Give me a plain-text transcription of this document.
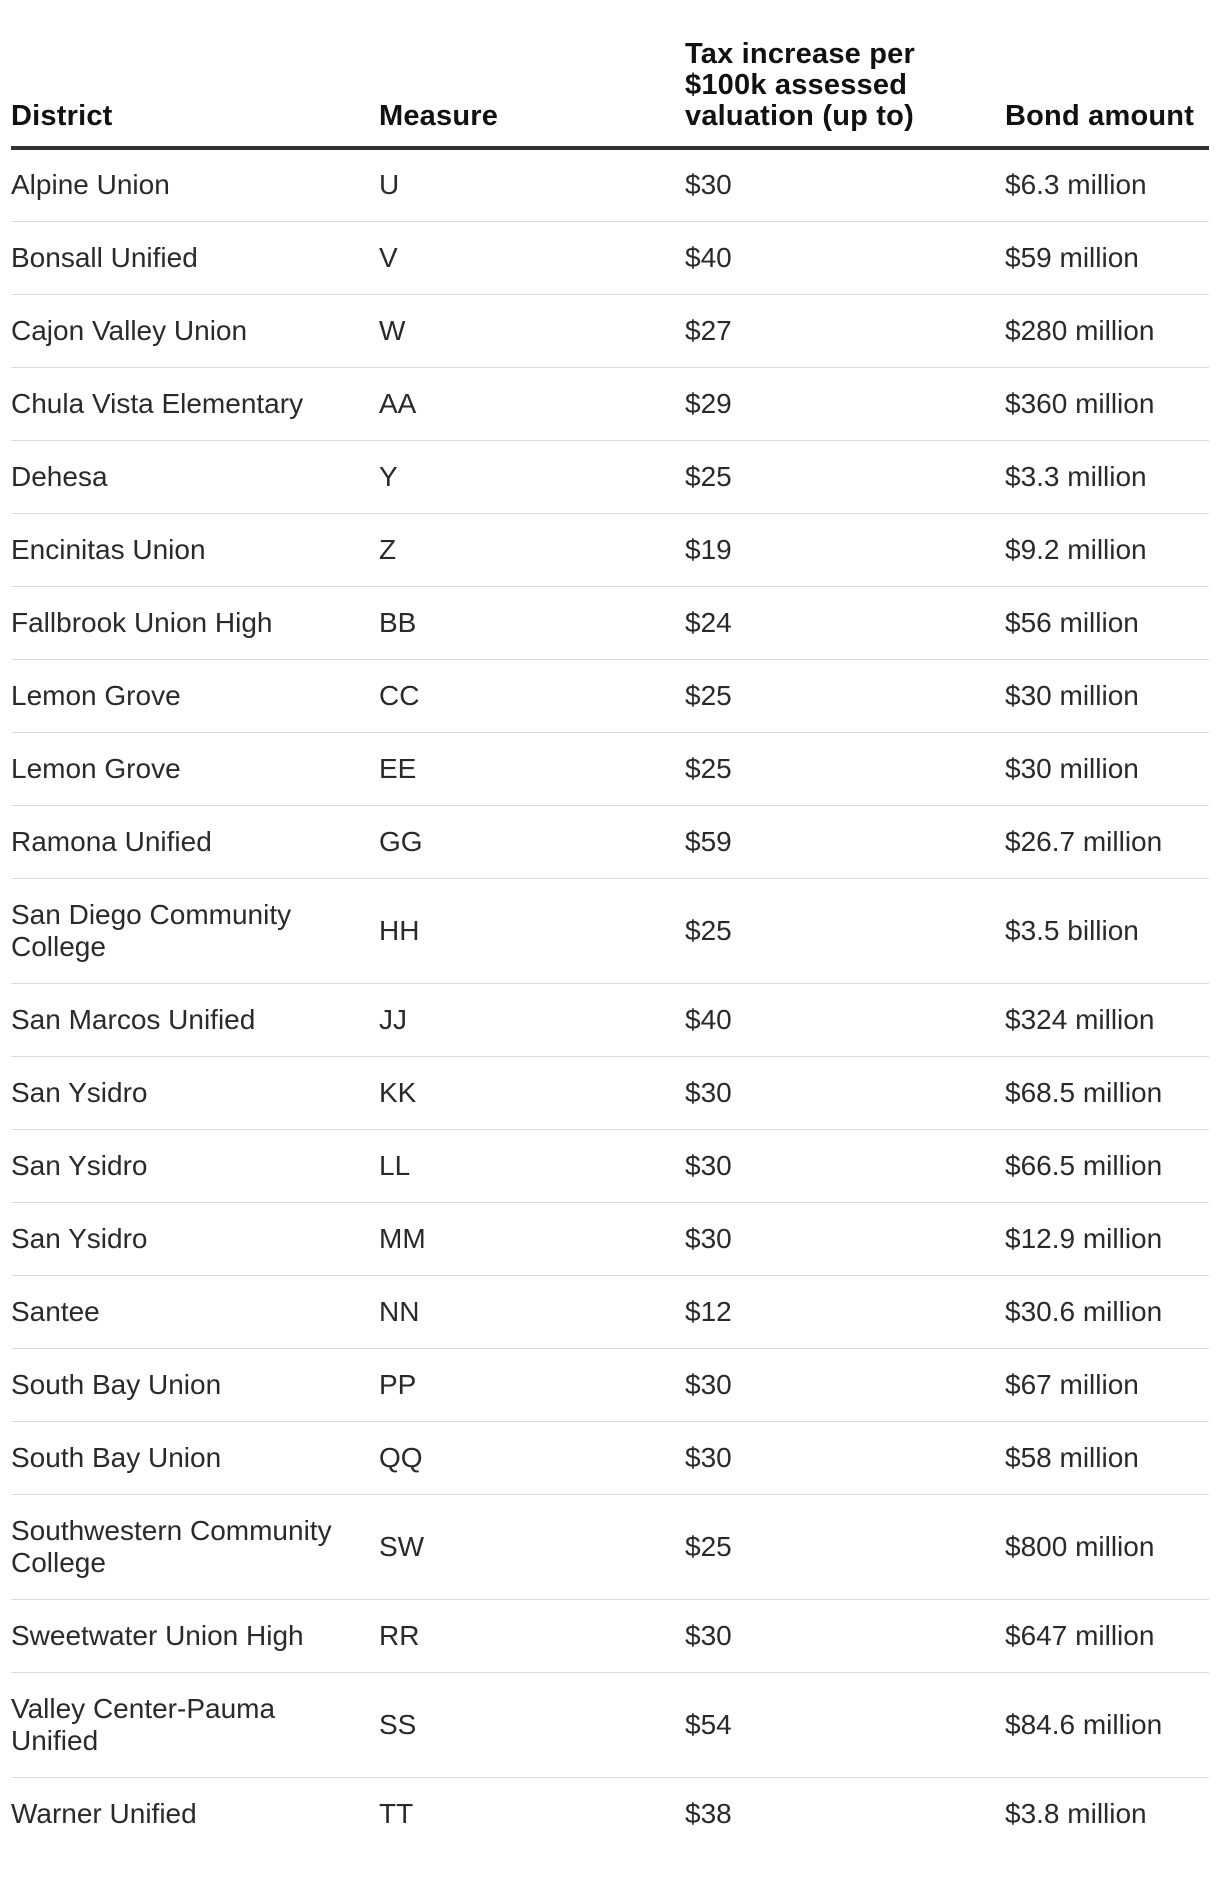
District	Measure	Tax increase per $100k assessed valuation (up to)	Bond amount
Alpine Union	U	$30	$6.3 million
Bonsall Unified	V	$40	$59 million
Cajon Valley Union	W	$27	$280 million
Chula Vista Elementary	AA	$29	$360 million
Dehesa	Y	$25	$3.3 million
Encinitas Union	Z	$19	$9.2 million
Fallbrook Union High	BB	$24	$56 million
Lemon Grove	CC	$25	$30 million
Lemon Grove	EE	$25	$30 million
Ramona Unified	GG	$59	$26.7 million
San Diego Community College	HH	$25	$3.5 billion
San Marcos Unified	JJ	$40	$324 million
San Ysidro	KK	$30	$68.5 million
San Ysidro	LL	$30	$66.5 million
San Ysidro	MM	$30	$12.9 million
Santee	NN	$12	$30.6 million
South Bay Union	PP	$30	$67 million
South Bay Union	QQ	$30	$58 million
Southwestern Community College	SW	$25	$800 million
Sweetwater Union High	RR	$30	$647 million
Valley Center-Pauma Unified	SS	$54	$84.6 million
Warner Unified	TT	$38	$3.8 million
